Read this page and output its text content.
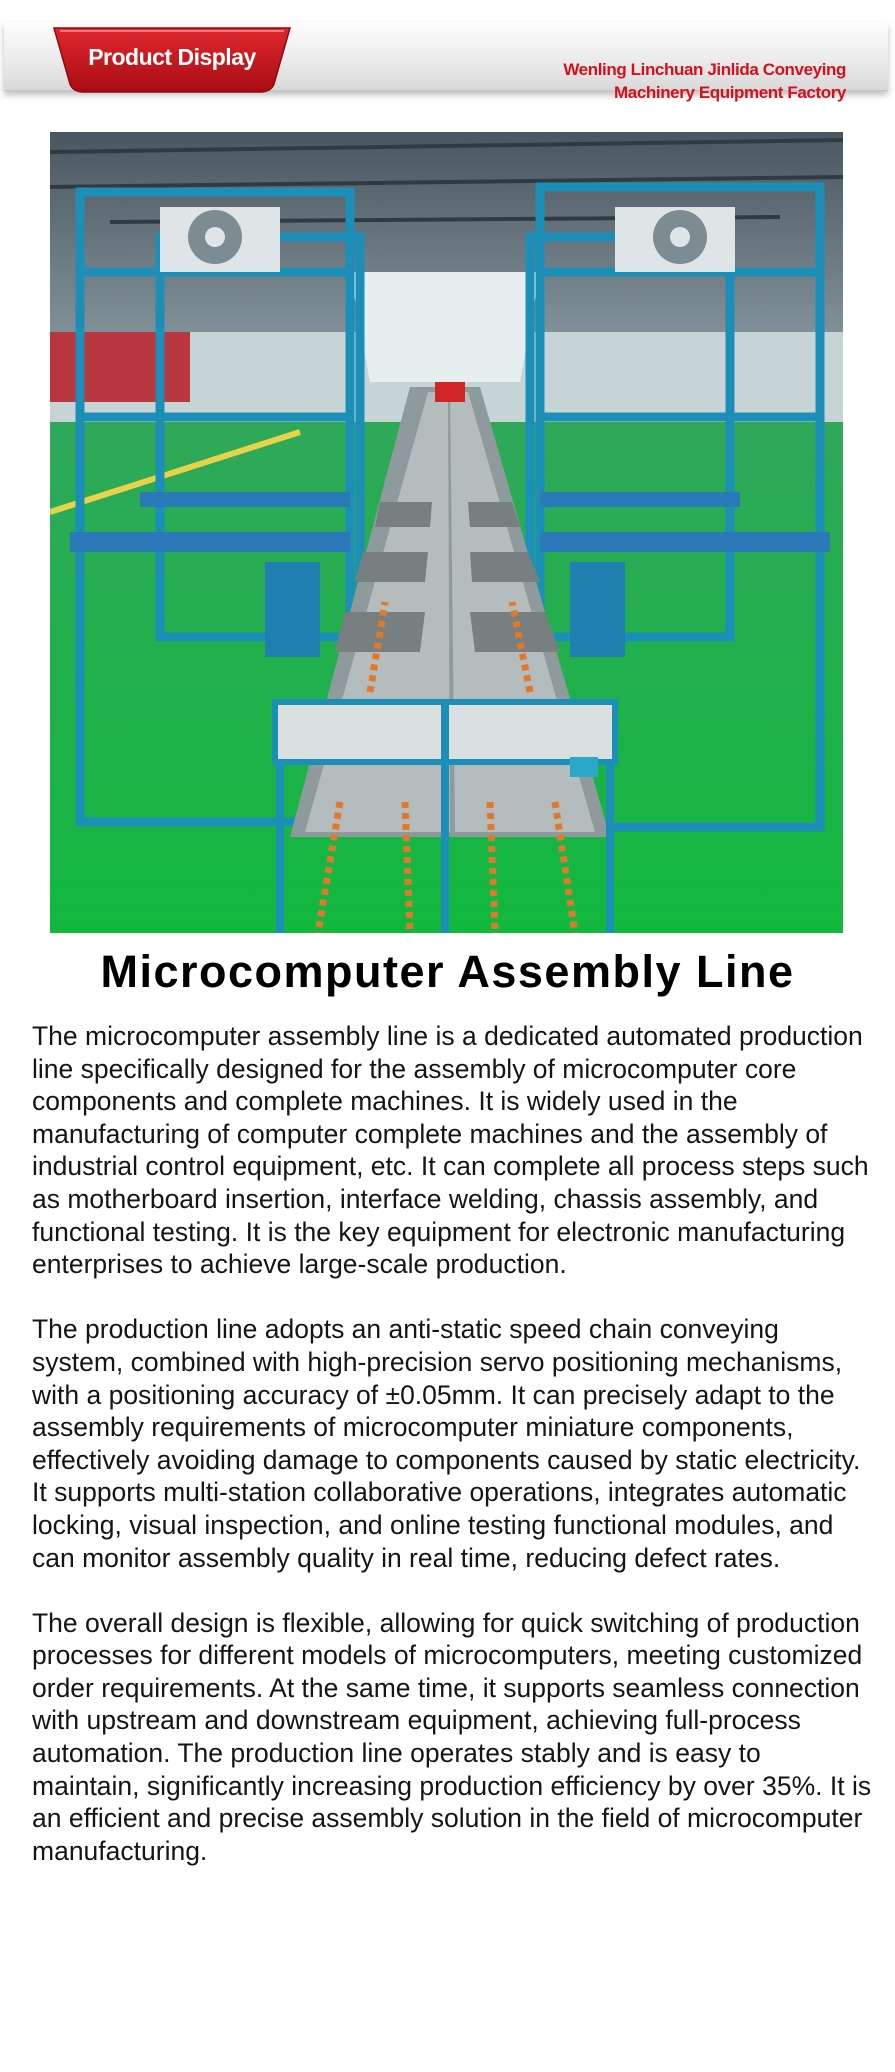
Product Display	Wenling Linchuan Jinlida Conveying
Machinery Equipment Factory
Microcomputer Assembly Line

The microcomputer assembly line is a dedicated automated production line specifically designed for the assembly of microcomputer core components and complete machines. It is widely used in the manufacturing of computer complete machines and the assembly of industrial control equipment, etc. It can complete all process steps such as motherboard insertion, interface welding, chassis assembly, and functional testing. It is the key equipment for electronic manufacturing enterprises to achieve large-scale production.

The production line adopts an anti-static speed chain conveying system, combined with high-precision servo positioning mechanisms, with a positioning accuracy of ±0.05mm. It can precisely adapt to the assembly requirements of microcomputer miniature components, effectively avoiding damage to components caused by static electricity. It supports multi-station collaborative operations, integrates automatic locking, visual inspection, and online testing functional modules, and can monitor assembly quality in real time, reducing defect rates.

The overall design is flexible, allowing for quick switching of production processes for different models of microcomputers, meeting customized order requirements. At the same time, it supports seamless connection with upstream and downstream equipment, achieving full-process automation. The production line operates stably and is easy to maintain, significantly increasing production efficiency by over 35%. It is an efficient and precise assembly solution in the field of microcomputer manufacturing.
